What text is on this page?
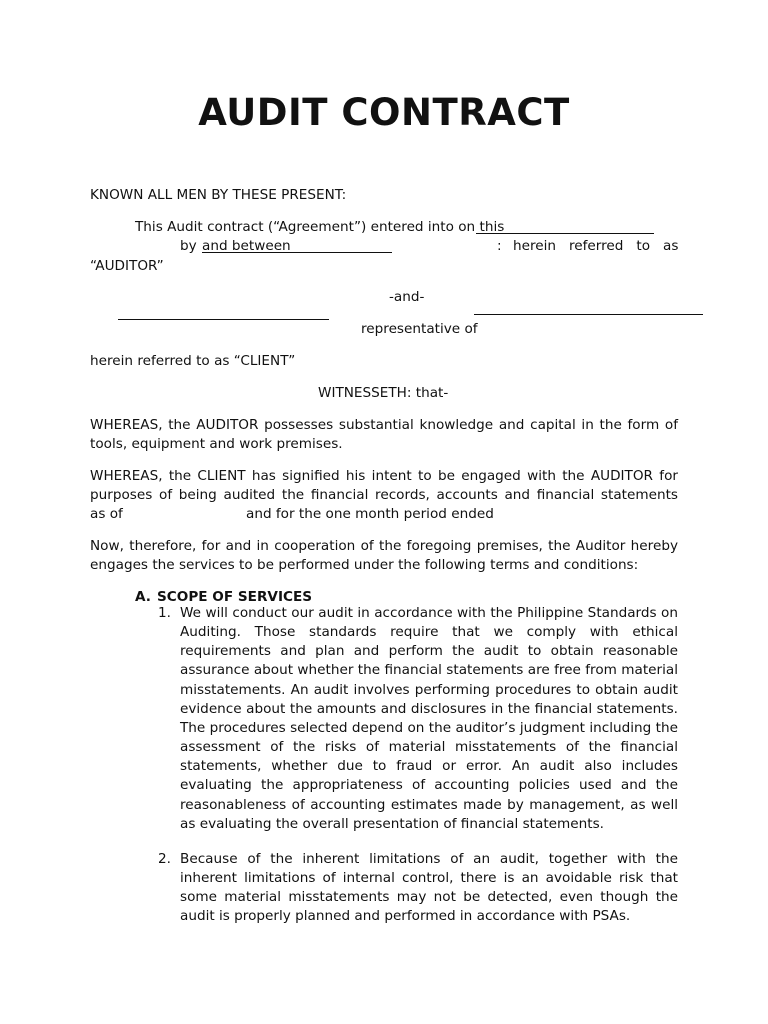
AUDIT CONTRACT
KNOWN ALL MEN BY THESE PRESENT:
This Audit contract (“Agreement”) entered into on this
by and between	: herein   referred   to   as
“AUDITOR”
-and-
representative of
herein referred to as “CLIENT”
WITNESSETH: that-
WHEREAS, the AUDITOR possesses substantial knowledge and capital in the form of tools, equipment and work premises.
WHEREAS, the CLIENT has signified his intent to be engaged with the AUDITOR for purposes of being audited the financial records, accounts and financial statements
as of	and for the one month period ended
Now, therefore, for and in cooperation of the foregoing premises, the Auditor hereby engages the services to be performed under the following terms and conditions:
A. SCOPE OF SERVICES
1. We will conduct our audit in accordance with the Philippine Standards on Auditing. Those standards require that we comply with ethical requirements and plan and perform the audit to obtain reasonable assurance about whether the financial statements are free from material misstatements. An audit involves performing procedures to obtain audit evidence about the amounts and disclosures in the financial statements. The procedures selected depend on the auditor’s judgment including the assessment of the risks of material misstatements of the financial statements, whether due to fraud or error. An audit also includes evaluating the appropriateness of accounting policies used and the reasonableness of accounting estimates made by management, as well as evaluating the overall presentation of financial statements.
2. Because of the inherent limitations of an audit, together with the inherent limitations of internal control, there is an avoidable risk that some material misstatements may not be detected, even though the audit is properly planned and performed in accordance with PSAs.
